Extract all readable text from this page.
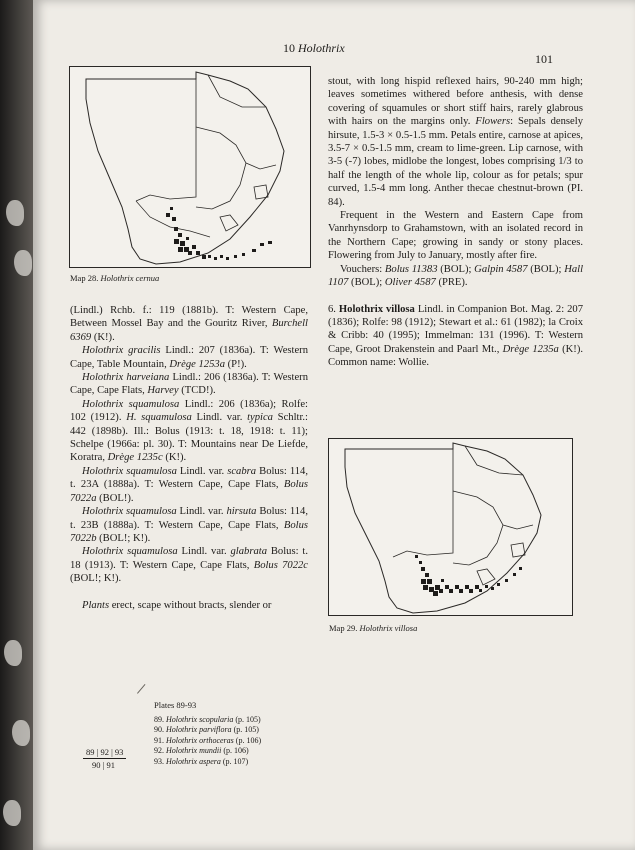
10 Holothrix
101
Map 28. Holothrix cernua

(Lindl.) Rchb. f.: 119 (1881b). T: Western Cape, Between Mossel Bay and the Gouritz River, Burchell 6369 (K!).

Holothrix gracilis Lindl.: 207 (1836a). T: Western Cape, Table Mountain, Drège 1253a (P!).

Holothrix harveiana Lindl.: 206 (1836a). T: Western Cape, Cape Flats, Harvey (TCD!).

Holothrix squamulosa Lindl.: 206 (1836a); Rolfe: 102 (1912). H. squamulosa Lindl. var. typica Schltr.: 442 (1898b). Ill.: Bolus (1913: t. 18, 1918: t. 11); Schelpe (1966a: pl. 30). T: Mountains near De Liefde, Koratra, Drège 1235c (K!).

Holothrix squamulosa Lindl. var. scabra Bolus: 114, t. 23A (1888a). T: Western Cape, Cape Flats, Bolus 7022a (BOL!).

Holothrix squamulosa Lindl. var. hirsuta Bolus: 114, t. 23B (1888a). T: Western Cape, Cape Flats, Bolus 7022b (BOL!; K!).

Holothrix squamulosa Lindl. var. glabrata Bolus: t. 18 (1913). T: Western Cape, Cape Flats, Bolus 7022c (BOL!; K!).

Plants erect, scape without bracts, slender or

stout, with long hispid reflexed hairs, 90-240 mm high; leaves sometimes withered before anthesis, with dense covering of squamules or short stiff hairs, rarely glabrous with hairs on the margins only. Flowers: Sepals densely hirsute, 1.5-3 × 0.5-1.5 mm. Petals entire, carnose at apices, 3.5-7 × 0.5-1.5 mm, cream to lime-green. Lip carnose, with 3-5 (-7) lobes, midlobe the longest, lobes comprising 1/3 to half the length of the whole lip, colour as for petals; spur curved, 1.5-4 mm long. Anther thecae chestnut-brown (PI. 84).

Frequent in the Western and Eastern Cape from Vanrhynsdorp to Grahamstown, with an isolated record in the Northern Cape; growing in sandy or stony places. Flowering from July to January, mostly after fire.

Vouchers: Bolus 11383 (BOL); Galpin 4587 (BOL); Hall 1107 (BOL); Oliver 4587 (PRE).

6. Holothrix villosa Lindl. in Companion Bot. Mag. 2: 207 (1836); Rolfe: 98 (1912); Stewart et al.: 61 (1982); la Croix & Cribb: 40 (1995); Immelman: 131 (1996). T: Western Cape, Groot Drakenstein and Paarl Mt., Drège 1235a (K!). Common name: Wollie.

Map 29. Holothrix villosa
Plates 89-93
89. Holothrix scopularia (p. 105)
90. Holothrix parviflora (p. 105)
91. Holothrix orthoceras (p. 106)
92. Holothrix mundii (p. 106)
93. Holothrix aspera (p. 107)
89 | 92 | 93
90 | 91
